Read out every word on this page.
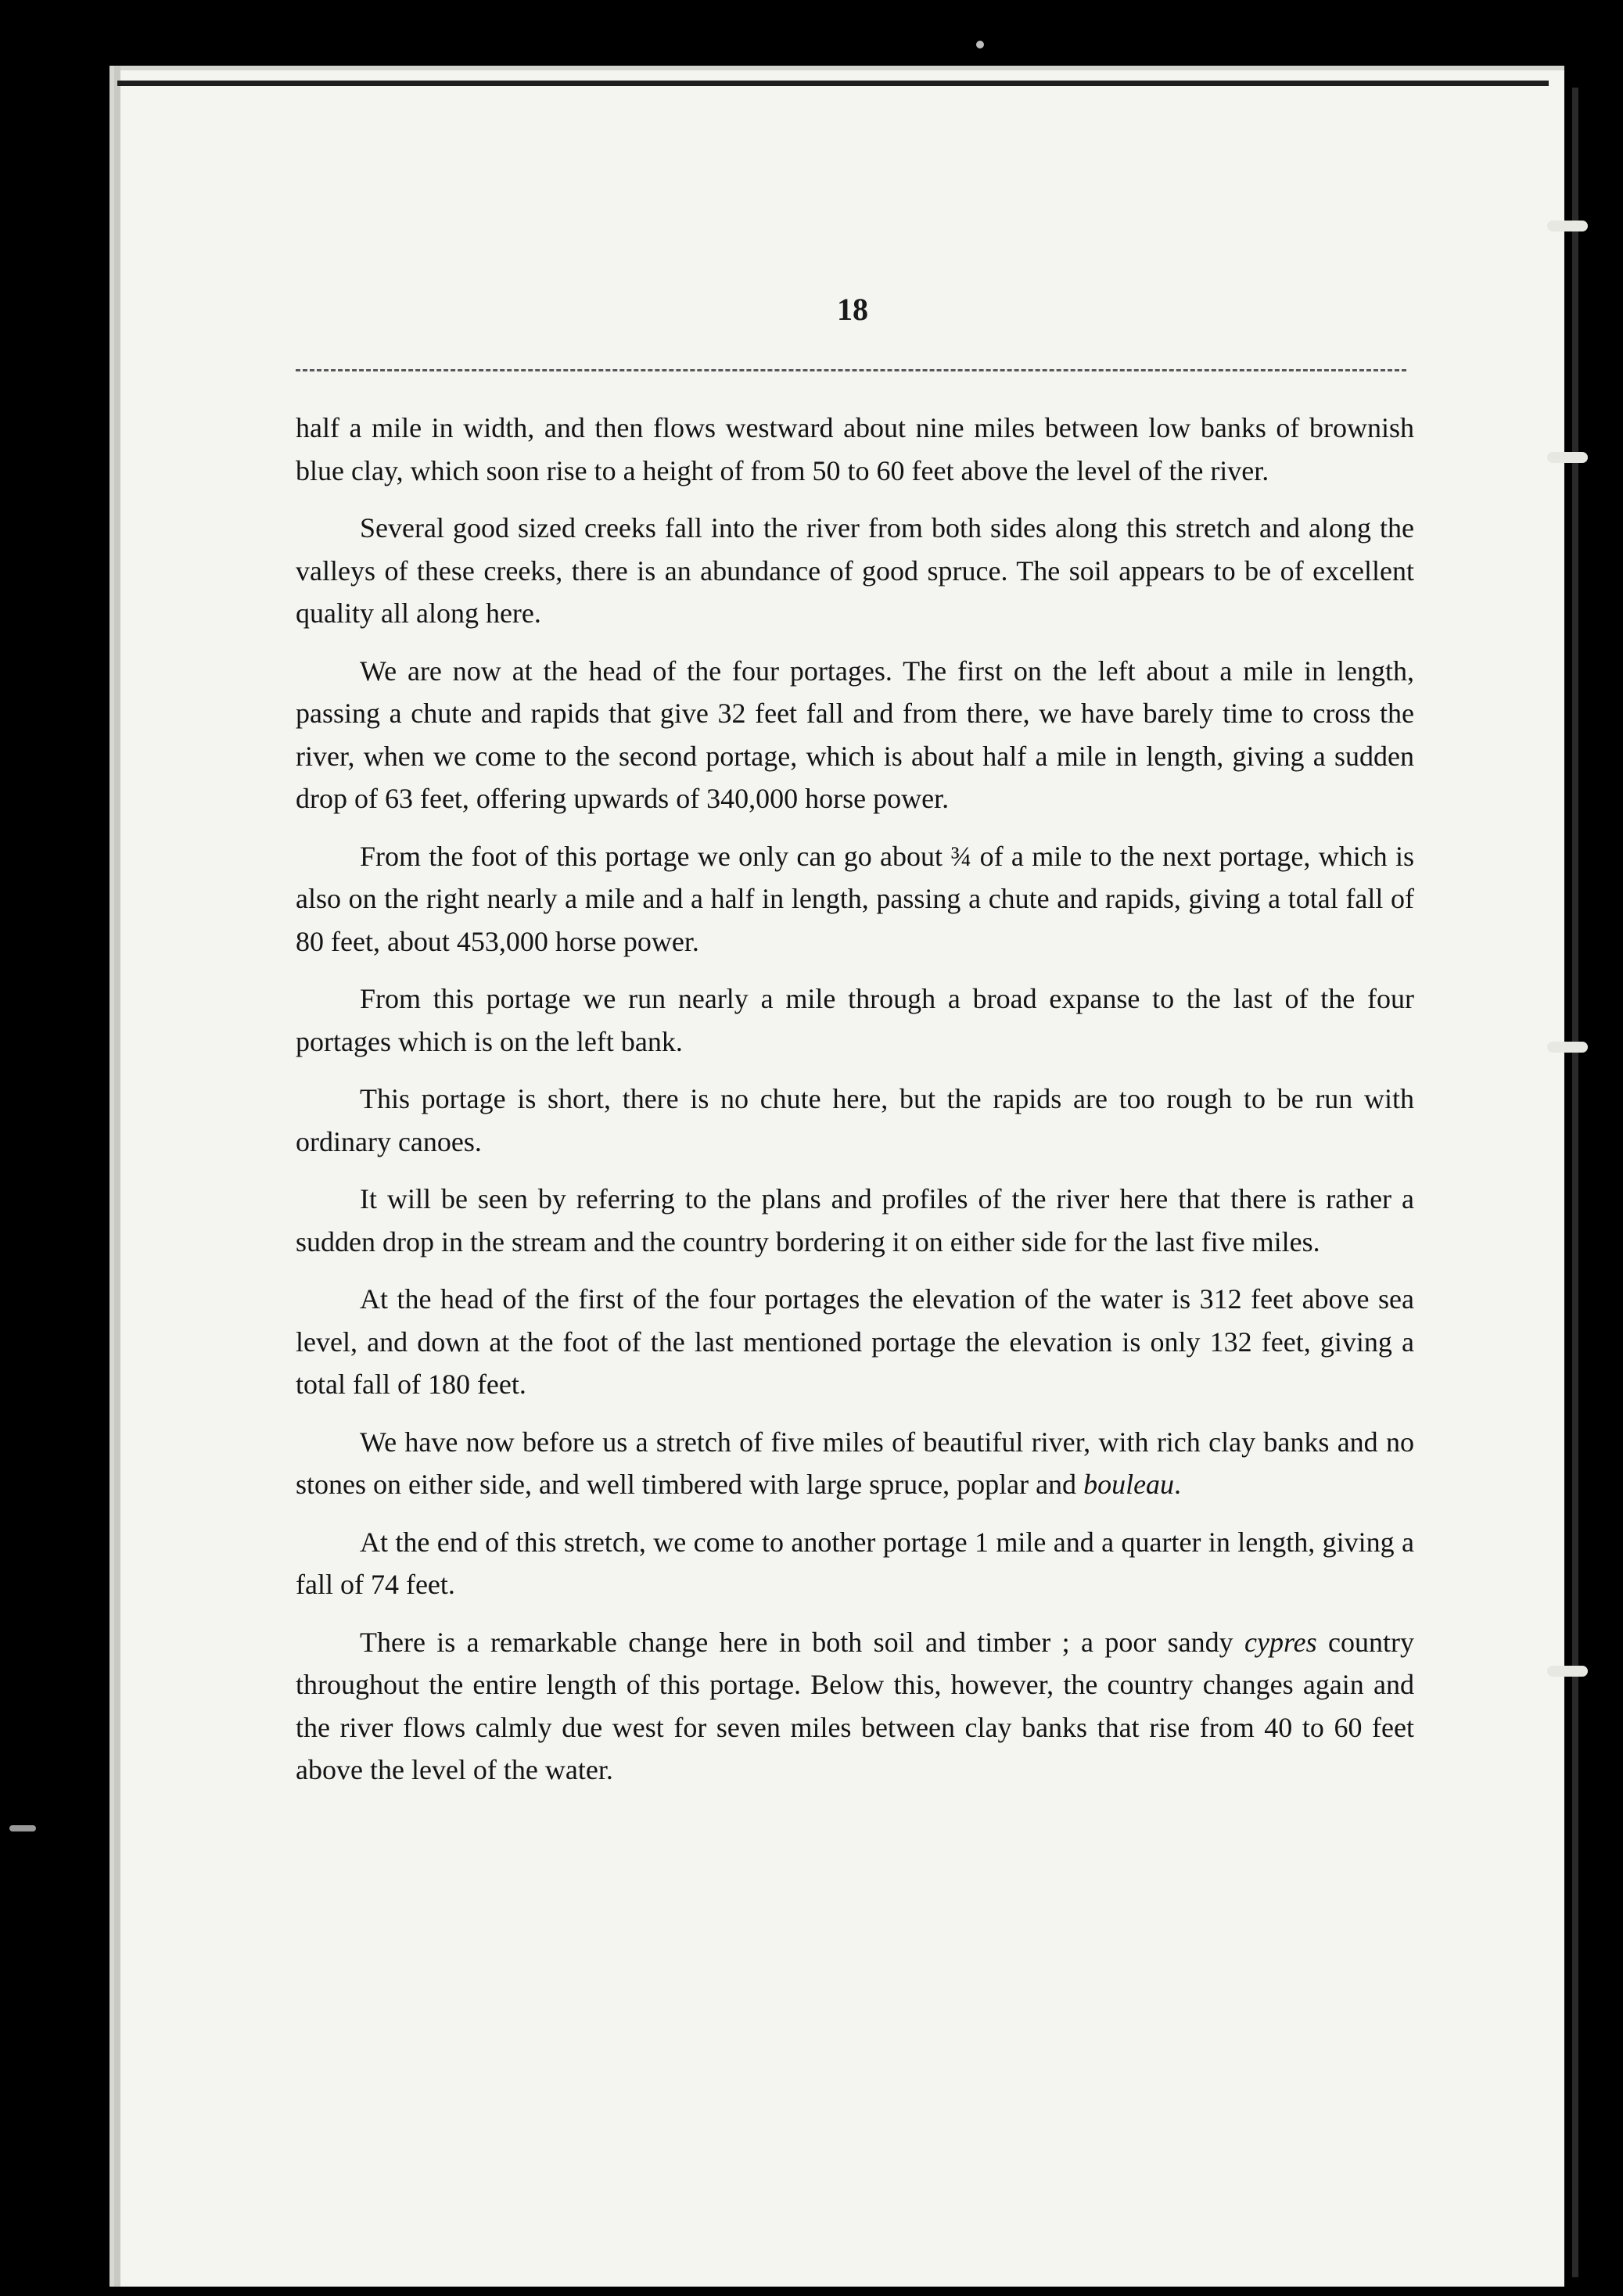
18

half a mile in width, and then flows westward about nine miles between low banks of brownish blue clay, which soon rise to a height of from 50 to 60 feet above the level of the river.

Several good sized creeks fall into the river from both sides along this stretch and along the valleys of these creeks, there is an abundance of good spruce. The soil appears to be of excellent quality all along here.

We are now at the head of the four portages. The first on the left about a mile in length, passing a chute and rapids that give 32 feet fall and from there, we have barely time to cross the river, when we come to the second portage, which is about half a mile in length, giving a sudden drop of 63 feet, offering upwards of 340,000 horse power.

From the foot of this portage we only can go about ¾ of a mile to the next portage, which is also on the right nearly a mile and a half in length, passing a chute and rapids, giving a total fall of 80 feet, about 453,000 horse power.

From this portage we run nearly a mile through a broad expanse to the last of the four portages which is on the left bank.

This portage is short, there is no chute here, but the rapids are too rough to be run with ordinary canoes.

It will be seen by referring to the plans and profiles of the river here that there is rather a sudden drop in the stream and the country bordering it on either side for the last five miles.

At the head of the first of the four portages the elevation of the water is 312 feet above sea level, and down at the foot of the last mentioned portage the elevation is only 132 feet, giving a total fall of 180 feet.

We have now before us a stretch of five miles of beautiful river, with rich clay banks and no stones on either side, and well timbered with large spruce, poplar and bouleau.

At the end of this stretch, we come to another portage 1 mile and a quarter in length, giving a fall of 74 feet.

There is a remarkable change here in both soil and timber ; a poor sandy cypres country throughout the entire length of this portage. Below this, however, the country changes again and the river flows calmly due west for seven miles between clay banks that rise from 40 to 60 feet above the level of the water.
